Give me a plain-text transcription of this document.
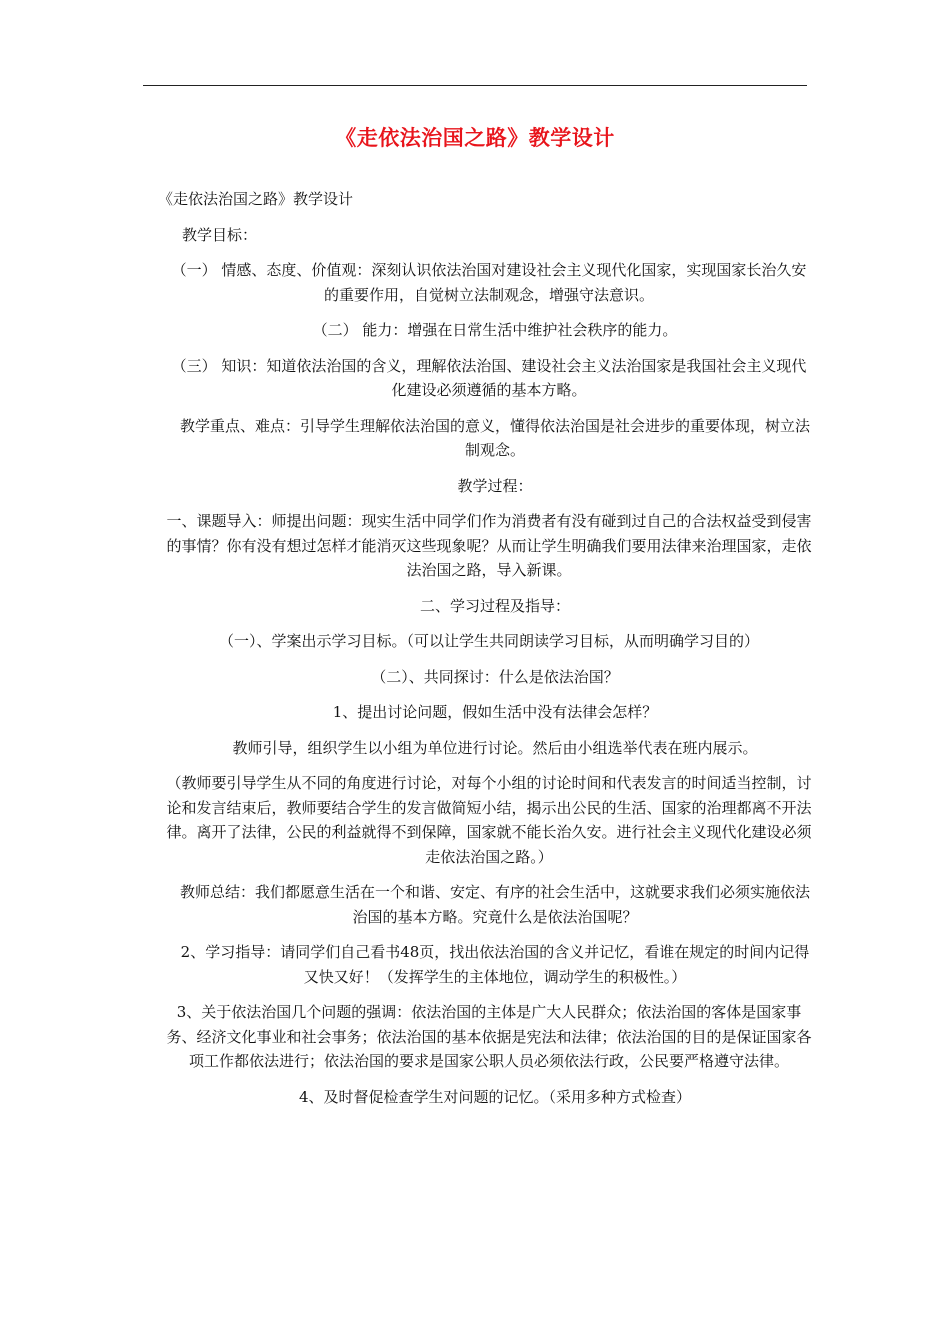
《走依法治国之路》教学设计

《走依法治国之路》教学设计

教学目标：

（一） 情感、态度、价值观：深刻认识依法治国对建设社会主义现代化国家，实现国家长治久安的重要作用，自觉树立法制观念，增强守法意识。

（二） 能力：增强在日常生活中维护社会秩序的能力。

（三） 知识：知道依法治国的含义，理解依法治国、建设社会主义法治国家是我国社会主义现代化建设必须遵循的基本方略。

教学重点、难点：引导学生理解依法治国的意义，懂得依法治国是社会进步的重要体现，树立法制观念。

教学过程：

一、课题导入：师提出问题：现实生活中同学们作为消费者有没有碰到过自己的合法权益受到侵害的事情？你有没有想过怎样才能消灭这些现象呢？从而让学生明确我们要用法律来治理国家，走依法治国之路，导入新课。

二、学习过程及指导：

（一）、学案出示学习目标。（可以让学生共同朗读学习目标，从而明确学习目的）

（二）、共同探讨：什么是依法治国？

1、提出讨论问题，假如生活中没有法律会怎样？

教师引导，组织学生以小组为单位进行讨论。然后由小组选举代表在班内展示。

（教师要引导学生从不同的角度进行讨论，对每个小组的讨论时间和代表发言的时间适当控制，讨论和发言结束后，教师要结合学生的发言做简短小结，揭示出公民的生活、国家的治理都离不开法律。离开了法律，公民的利益就得不到保障，国家就不能长治久安。进行社会主义现代化建设必须走依法治国之路。）

教师总结：我们都愿意生活在一个和谐、安定、有序的社会生活中，这就要求我们必须实施依法治国的基本方略。究竟什么是依法治国呢？

2、学习指导：请同学们自己看书48页，找出依法治国的含义并记忆，看谁在规定的时间内记得又快又好！（发挥学生的主体地位，调动学生的积极性。）

3、关于依法治国几个问题的强调：依法治国的主体是广大人民群众；依法治国的客体是国家事务、经济文化事业和社会事务；依法治国的基本依据是宪法和法律；依法治国的目的是保证国家各项工作都依法进行；依法治国的要求是国家公职人员必须依法行政，公民要严格遵守法律。

4、及时督促检查学生对问题的记忆。（采用多种方式检查）
